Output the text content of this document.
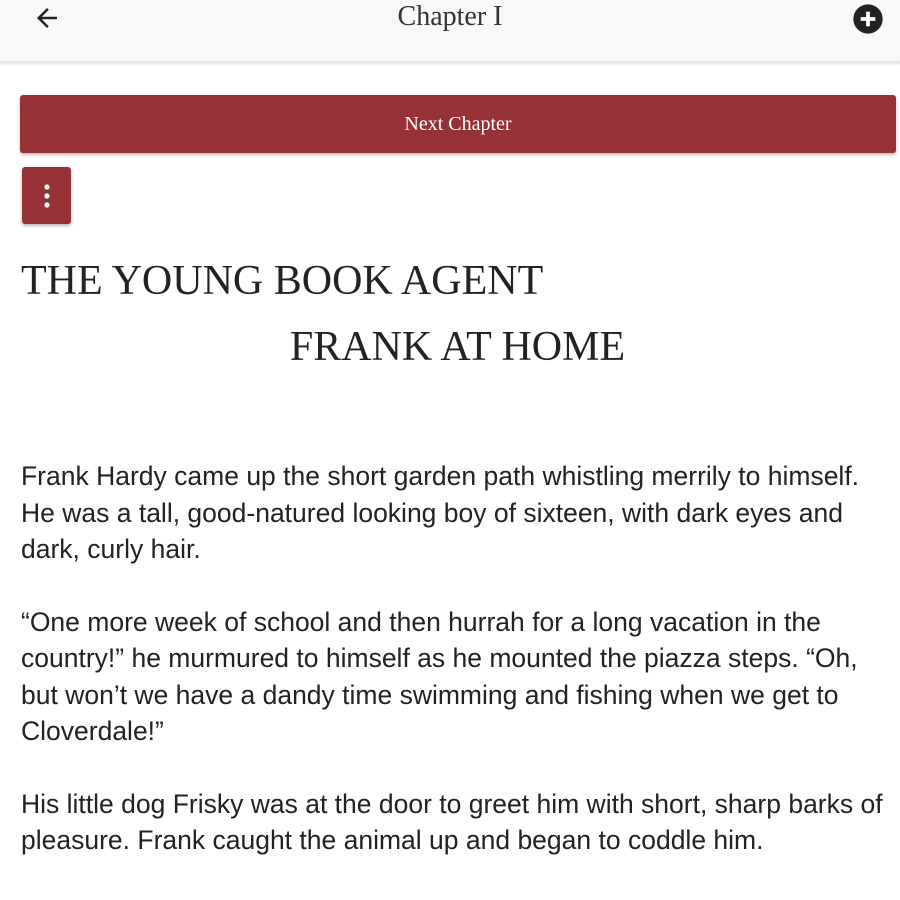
Chapter I
Next Chapter
THE YOUNG BOOK AGENT
FRANK AT HOME

Frank Hardy came up the short garden path whistling merrily to himself. He was a tall, good-natured looking boy of sixteen, with dark eyes and dark, curly hair.

“One more week of school and then hurrah for a long vacation in the country!” he murmured to himself as he mounted the piazza steps. “Oh, but won’t we have a dandy time swimming and fishing when we get to Cloverdale!”

His little dog Frisky was at the door to greet him with short, sharp barks of pleasure. Frank caught the animal up and began to coddle him.
